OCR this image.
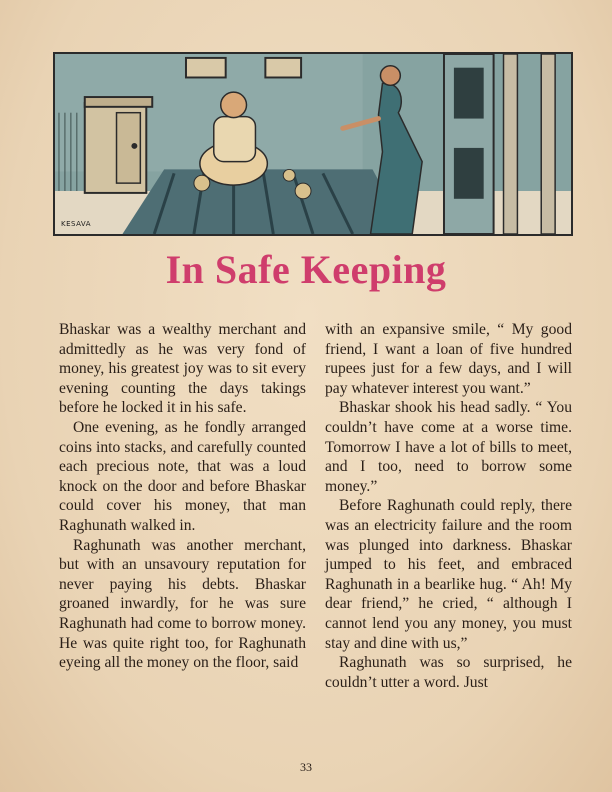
KESAVA
In Safe Keeping

Bhaskar was a wealthy merchant and admittedly as he was very fond of money, his greatest joy was to sit every evening counting the days takings before he locked it in his safe.

One evening, as he fondly arranged coins into stacks, and carefully counted each precious note, that was a loud knock on the door and before Bhaskar could cover his money, that man Raghunath walked in.

Raghunath was another merchant, but with an unsavoury reputation for never paying his debts. Bhaskar groaned inwardly, for he was sure Raghunath had come to borrow money. He was quite right too, for Raghunath eyeing all the money on the floor, said

with an expansive smile, “ My good friend, I want a loan of five hundred rupees just for a few days, and I will pay whatever interest you want.”

Bhaskar shook his head sadly. “ You couldn’t have come at a worse time. Tomorrow I have a lot of bills to meet, and I too, need to borrow some money.”

Before Raghunath could reply, there was an electricity failure and the room was plunged into darkness. Bhaskar jumped to his feet, and embraced Raghunath in a bearlike hug. “ Ah! My dear friend,” he cried, “ although I cannot lend you any money, you must stay and dine with us,”

Raghunath was so surprised, he couldn’t utter a word. Just

33
